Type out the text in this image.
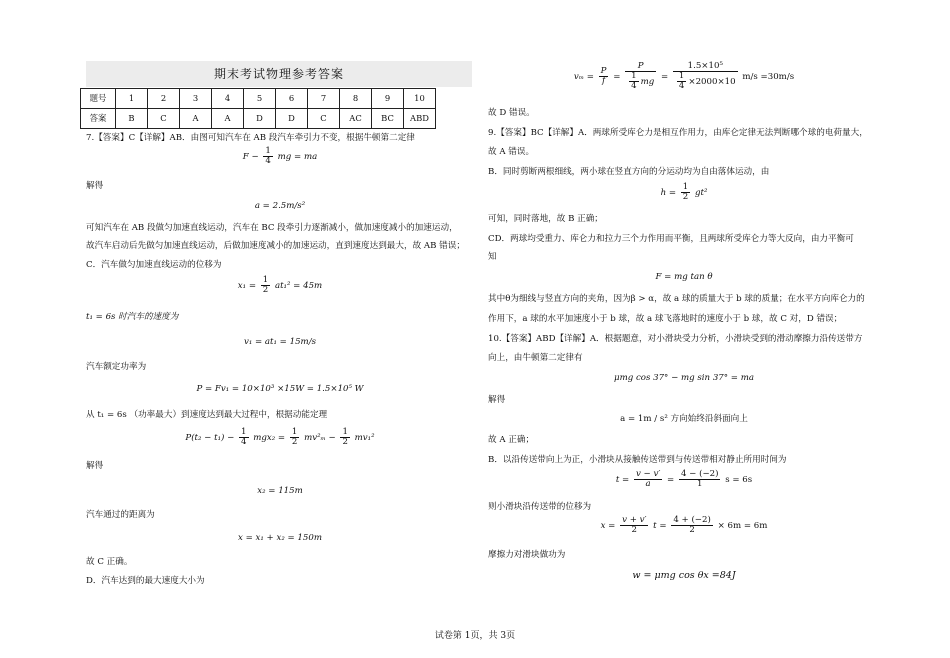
期末考试物理参考答案
题号	1	2	3	4	5	6	7	8	9	10
答案	B	C	A	A	D	D	C	AC	BC	ABD
7.【答案】C【详解】AB．由图可知汽车在 AB 段汽车牵引力不变，根据牛顿第二定律
$F - \frac{1}{4}$ mg = ma
解得
a = 2.5m/s²
可知汽车在 AB 段做匀加速直线运动，汽车在 BC 段牵引力逐渐减小，做加速度减小的加速运动，
故汽车启动后先做匀加速直线运动，后做加速度减小的加速运动，直到速度达到最大，故 AB 错误；
C．汽车做匀加速直线运动的位移为
$x_1 = \frac{1}{2} at_1^2 = 45m$
t₁ = 6s 时汽车的速度为
v₁ = at₁ = 15m/s
汽车额定功率为
P = Fv₁ = 10×10³ ×15W = 1.5×10⁵ W
从 t₁ = 6s （功率最大）到速度达到最大过程中，根据动能定理
$P(t_2 - t_1) - \frac{1}{4} mgx_2 = \frac{1}{2} mv^2_m - \frac{1}{2} mv_1^2$
解得
x₂ = 115m
汽车通过的距离为
x = x₁ + x₂ = 150m
故 C 正确。
D．汽车达到的最大速度大小为
$v_m = \frac{P}{f} = \frac{P}{\frac{1}{4} mg} = \frac{\text{1.5×10⁵}}{\frac{1}{4} \times 2000\times 10} m/s =30m/s$
故 D 错误。
9.【答案】BC【详解】A．两球所受库仑力是相互作用力，由库仑定律无法判断哪个球的电荷量大，
故 A 错误。
B．同时剪断两根细线，两小球在竖直方向的分运动均为自由落体运动，由
$h = \frac{1}{2} gt^2$
可知，同时落地，故 B 正确；
CD．两球均受重力、库仑力和拉力三个力作用而平衡，且两球所受库仑力等大反向，由力平衡可
知
F = mg tan θ
其中θ为细线与竖直方向的夹角，因为β > α，故 a 球的质量大于 b 球的质量；在水平方向库仑力的
作用下，a 球的水平加速度小于 b 球，故 a 球飞落地时的速度小于 b 球，故 C 对，D 错误；
10.【答案】ABD【详解】A．根据题意，对小滑块受力分析，小滑块受到的滑动摩擦力沿传送带方
向上，由牛顿第二定律有
μmg cos 37° − mg sin 37° = ma
解得
a = 1m / s² 方向始终沿斜面向上
故 A 正确；
B．以沿传送带向上为正，小滑块从接触传送带到与传送带相对静止所用时间为
$t = \frac{v - v'}{a} = \frac{4 - (-2)}{1}$ s = 6s
则小滑块沿传送带的位移为
$x = \frac{v + v'}{2}$ $t = \frac{4 + (-2)}{2} \times 6m = 6m$
摩擦力对滑块做功为
w = μmg cos θx =84J
试卷第 1页，共 3页
